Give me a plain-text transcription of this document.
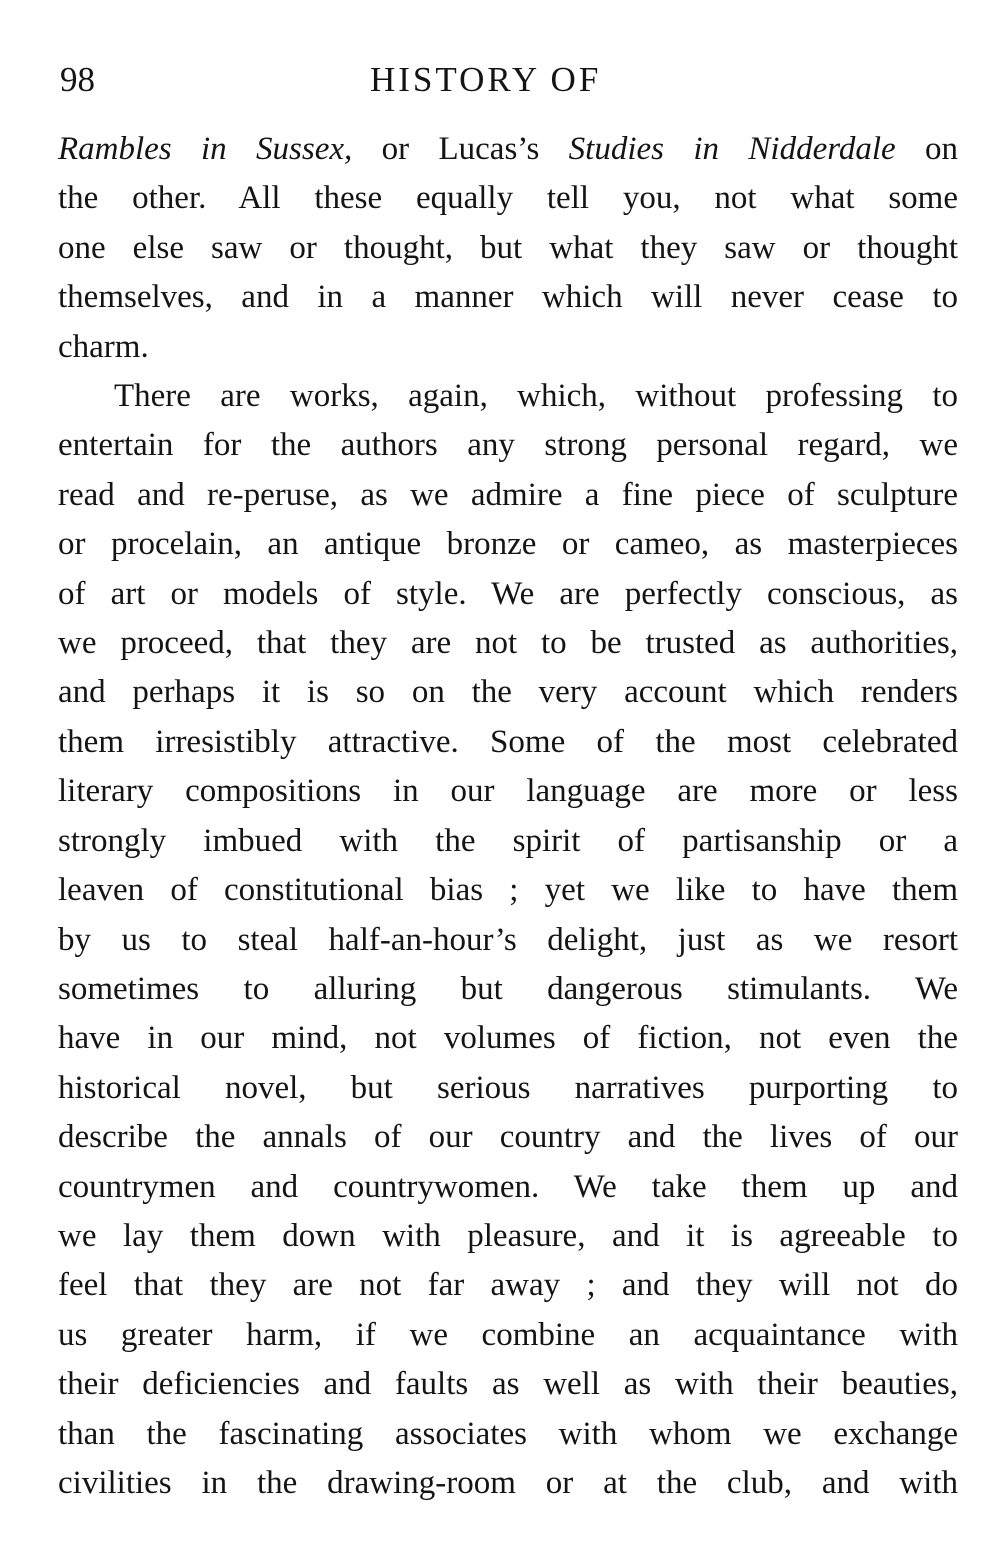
98	HISTORY OF
Rambles in Sussex, or Lucas’s Studies in Nidderdale on
the other. All these equally tell you, not what some
one else saw or thought, but what they saw or thought
themselves, and in a manner which will never cease to
charm.
There are works, again, which, without professing to
entertain for the authors any strong personal regard, we
read and re-peruse, as we admire a fine piece of sculpture
or procelain, an antique bronze or cameo, as masterpieces
of art or models of style. We are perfectly conscious, as
we proceed, that they are not to be trusted as authorities,
and perhaps it is so on the very account which renders
them irresistibly attractive. Some of the most celebrated
literary compositions in our language are more or less
strongly imbued with the spirit of partisanship or a
leaven of constitutional bias ; yet we like to have them
by us to steal half-an-hour’s delight, just as we resort
sometimes to alluring but dangerous stimulants. We
have in our mind, not volumes of fiction, not even the
historical novel, but serious narratives purporting to
describe the annals of our country and the lives of our
countrymen and countrywomen. We take them up and
we lay them down with pleasure, and it is agreeable to
feel that they are not far away ; and they will not do
us greater harm, if we combine an acquaintance with
their deficiencies and faults as well as with their beauties,
than the fascinating associates with whom we exchange
civilities in the drawing-room or at the club, and with
